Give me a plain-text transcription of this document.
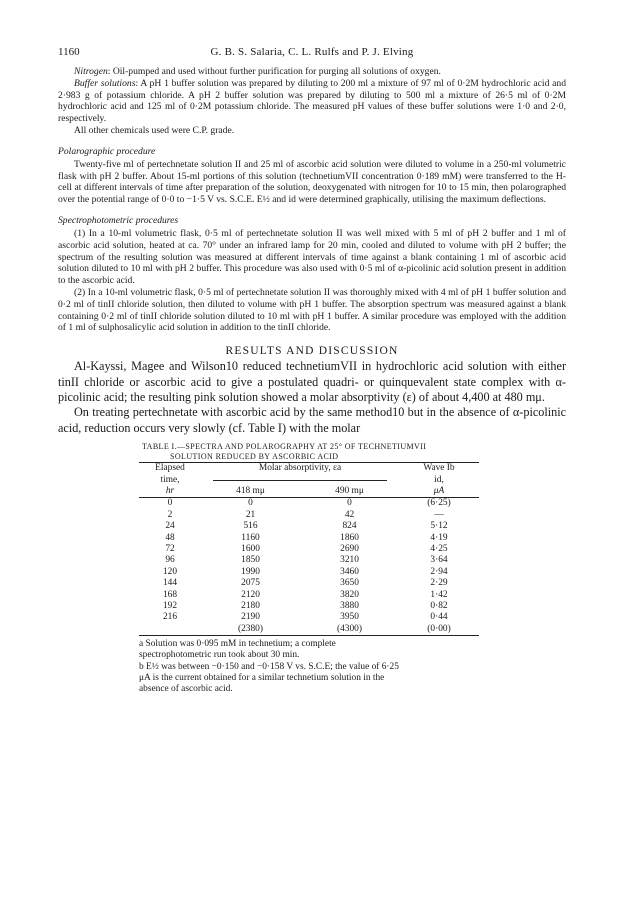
1160	G. B. S. Salaria, C. L. Rulfs and P. J. Elving

Nitrogen: Oil-pumped and used without further purification for purging all solutions of oxygen.

Buffer solutions: A pH 1 buffer solution was prepared by diluting to 200 ml a mixture of 97 ml of 0·2M hydrochloric acid and 2·983 g of potassium chloride. A pH 2 buffer solution was prepared by diluting to 500 ml a mixture of 26·5 ml of 0·2M hydrochloric acid and 125 ml of 0·2M potassium chloride. The measured pH values of these buffer solutions were 1·0 and 2·0, respectively.

All other chemicals used were C.P. grade.

Polarographic procedure

Twenty-five ml of pertechnetate solution II and 25 ml of ascorbic acid solution were diluted to volume in a 250-ml volumetric flask with pH 2 buffer. About 15-ml portions of this solution (technetiumVII concentration 0·189 mM) were transferred to the H-cell at different intervals of time after preparation of the solution, deoxygenated with nitrogen for 10 to 15 min, then polarographed over the potential range of 0·0 to −1·5 V vs. S.C.E. E½ and id were determined graphically, utilising the maximum deflections.

Spectrophotometric procedures

(1) In a 10-ml volumetric flask, 0·5 ml of pertechnetate solution II was well mixed with 5 ml of pH 2 buffer and 1 ml of ascorbic acid solution, heated at ca. 70° under an infrared lamp for 20 min, cooled and diluted to volume with pH 2 buffer; the spectrum of the resulting solution was measured at different intervals of time against a blank containing 1 ml of ascorbic acid solution diluted to 10 ml with pH 2 buffer. This procedure was also used with 0·5 ml of α-picolinic acid solution present in addition to the ascorbic acid.

(2) In a 10-ml volumetric flask, 0·5 ml of pertechnetate solution II was thoroughly mixed with 4 ml of pH 1 buffer solution and 0·2 ml of tinII chloride solution, then diluted to volume with pH 1 buffer. The absorption spectrum was measured against a blank containing 0·2 ml of tinII chloride solution diluted to 10 ml with pH 1 buffer. A similar procedure was employed with the addition of 1 ml of sulphosalicylic acid solution in addition to the tinII chloride.

RESULTS AND DISCUSSION

Al-Kayssi, Magee and Wilson10 reduced technetiumVII in hydrochloric acid solution with either tinII chloride or ascorbic acid to give a postulated quadri- or quinquevalent state complex with α-picolinic acid; the resulting pink solution showed a molar absorptivity (ε) of about 4,400 at 480 mμ.

On treating pertechnetate with ascorbic acid by the same method10 but in the absence of α-picolinic acid, reduction occurs very slowly (cf. Table I) with the molar

TABLE I.—SPECTRA AND POLAROGRAPHY AT 25° OF TECHNETIUMVII
SOLUTION REDUCED BY ASCORBIC ACID

Elapsed	Molar absorptivity, εa		Wave Ib
time,			id,
hr	418 mμ	490 mμ	μA

0	0	0	(6·25)
2	21	42	—
24	516	824	5·12
48	1160	1860	4·19
72	1600	2690	4·25
96	1850	3210	3·64
120	1990	3460	2·94
144	2075	3650	2·29
168	2120	3820	1·42
192	2180	3880	0·82
216	2190	3950	0·44
	(2380)	(4300)	(0·00)

a Solution was 0·095 mM in technetium; a complete spectrophotometric run took about 30 min.
b E½ was between −0·150 and −0·158 V vs. S.C.E; the value of 6·25 μA is the current obtained for a similar technetium solution in the absence of ascorbic acid.
